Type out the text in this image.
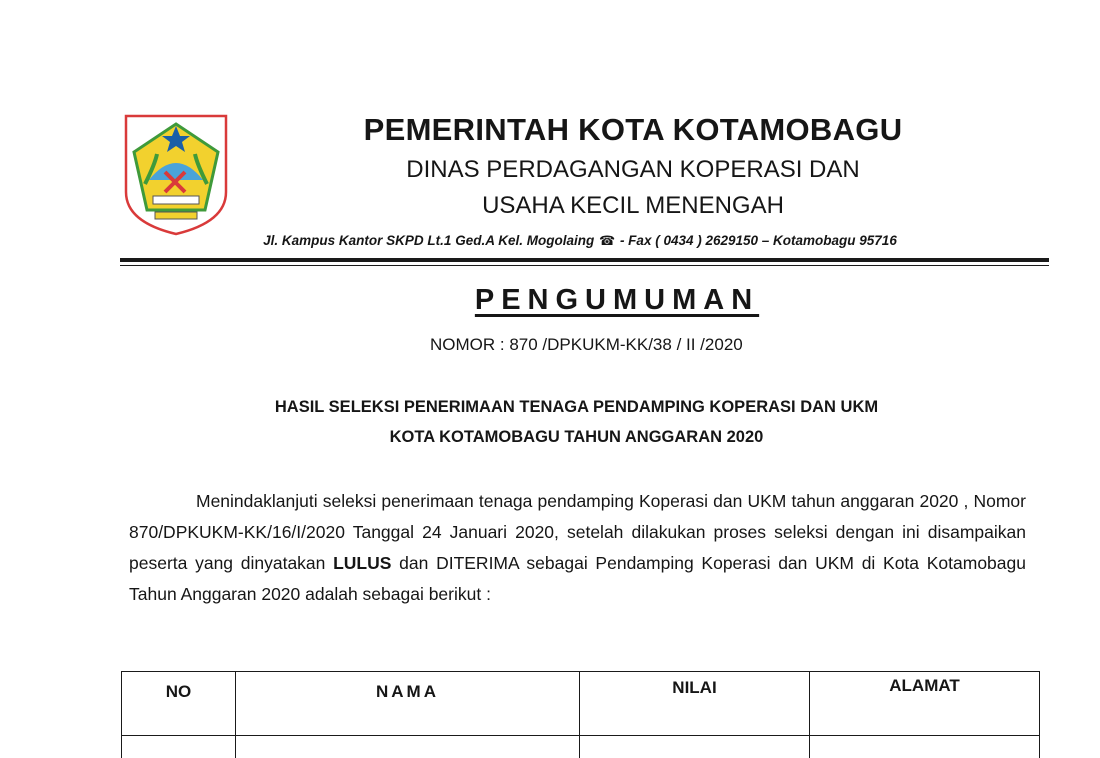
PEMERINTAH KOTA KOTAMOBAGU
DINAS PERDAGANGAN KOPERASI DAN
USAHA KECIL MENENGAH
Jl. Kampus Kantor SKPD Lt.1 Ged.A Kel. Mogolaing ☎ - Fax ( 0434 ) 2629150 – Kotamobagu 95716
PENGUMUMAN
NOMOR : 870 /DPKUKM-KK/38 / II /2020
HASIL SELEKSI PENERIMAAN TENAGA PENDAMPING KOPERASI DAN UKM
KOTA KOTAMOBAGU TAHUN ANGGARAN 2020
Menindaklanjuti seleksi penerimaan tenaga pendamping Koperasi dan UKM tahun anggaran 2020 , Nomor 870/DPKUKM-KK/16/I/2020 Tanggal 24 Januari 2020, setelah dilakukan proses seleksi dengan ini disampaikan peserta yang dinyatakan LULUS dan DITERIMA sebagai Pendamping Koperasi dan UKM di Kota Kotamobagu Tahun Anggaran 2020 adalah sebagai berikut :
NO	NAMA	NILAI	ALAMAT
